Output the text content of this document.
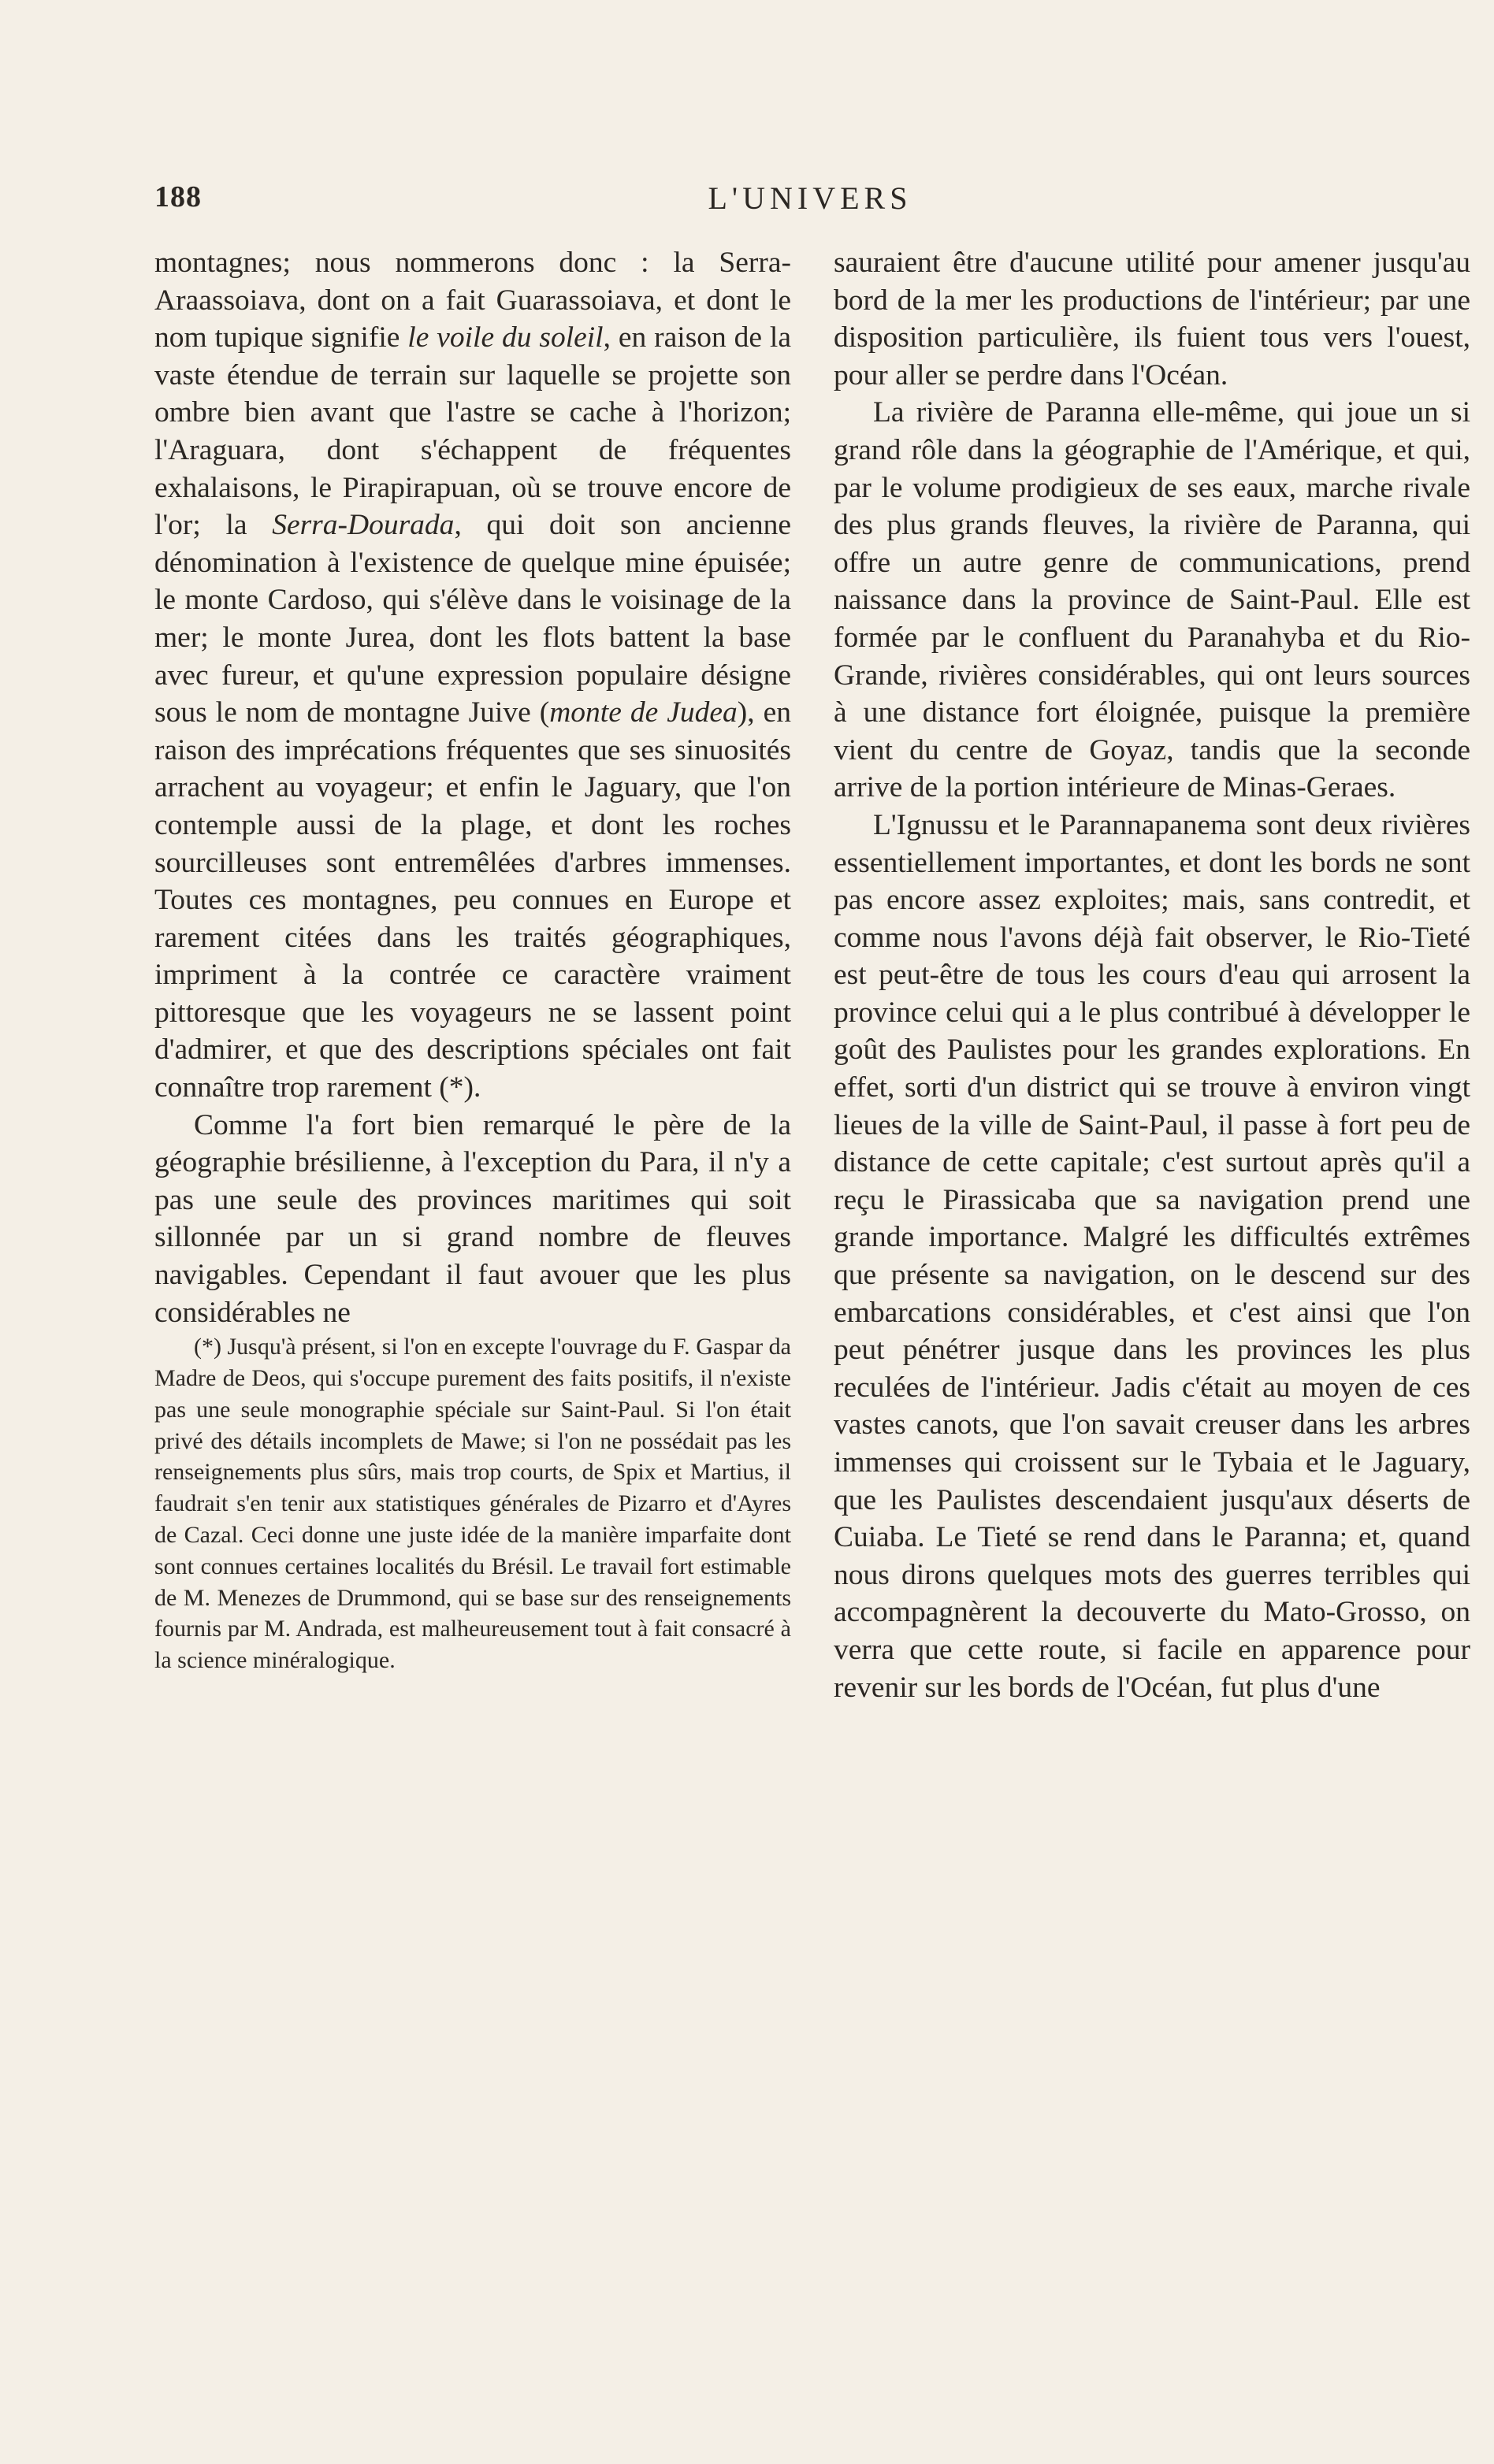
188	L'UNIVERS

montagnes; nous nommerons donc : la Serra-Araassoiava, dont on a fait Guarassoiava, et dont le nom tupique signifie le voile du soleil, en raison de la vaste étendue de terrain sur laquelle se projette son ombre bien avant que l'astre se cache à l'horizon; l'Araguara, dont s'échappent de fréquentes exhalaisons, le Pirapirapuan, où se trouve encore de l'or; la Serra-Dourada, qui doit son ancienne dénomination à l'existence de quelque mine épuisée; le monte Cardoso, qui s'élève dans le voisinage de la mer; le monte Jurea, dont les flots battent la base avec fureur, et qu'une expression populaire désigne sous le nom de montagne Juive (monte de Judea), en raison des imprécations fréquentes que ses sinuosités arrachent au voyageur; et enfin le Jaguary, que l'on contemple aussi de la plage, et dont les roches sourcilleuses sont entremêlées d'arbres immenses. Toutes ces montagnes, peu connues en Europe et rarement citées dans les traités géographiques, impriment à la contrée ce caractère vraiment pittoresque que les voyageurs ne se lassent point d'admirer, et que des descriptions spéciales ont fait connaître trop rarement (*).

Comme l'a fort bien remarqué le père de la géographie brésilienne, à l'exception du Para, il n'y a pas une seule des provinces maritimes qui soit sillonnée par un si grand nombre de fleuves navigables. Cependant il faut avouer que les plus considérables ne

(*) Jusqu'à présent, si l'on en excepte l'ouvrage du F. Gaspar da Madre de Deos, qui s'occupe purement des faits positifs, il n'existe pas une seule monographie spéciale sur Saint-Paul. Si l'on était privé des détails incomplets de Mawe; si l'on ne possédait pas les renseignements plus sûrs, mais trop courts, de Spix et Martius, il faudrait s'en tenir aux statistiques générales de Pizarro et d'Ayres de Cazal. Ceci donne une juste idée de la manière imparfaite dont sont connues certaines localités du Brésil. Le travail fort estimable de M. Menezes de Drummond, qui se base sur des renseignements fournis par M. Andrada, est malheureusement tout à fait consacré à la science minéralogique.

sauraient être d'aucune utilité pour amener jusqu'au bord de la mer les productions de l'intérieur; par une disposition particulière, ils fuient tous vers l'ouest, pour aller se perdre dans l'Océan.

La rivière de Paranna elle-même, qui joue un si grand rôle dans la géographie de l'Amérique, et qui, par le volume prodigieux de ses eaux, marche rivale des plus grands fleuves, la rivière de Paranna, qui offre un autre genre de communications, prend naissance dans la province de Saint-Paul. Elle est formée par le confluent du Paranahyba et du Rio-Grande, rivières considérables, qui ont leurs sources à une distance fort éloignée, puisque la première vient du centre de Goyaz, tandis que la seconde arrive de la portion intérieure de Minas-Geraes.

L'Ignussu et le Parannapanema sont deux rivières essentiellement importantes, et dont les bords ne sont pas encore assez exploites; mais, sans contredit, et comme nous l'avons déjà fait observer, le Rio-Tieté est peut-être de tous les cours d'eau qui arrosent la province celui qui a le plus contribué à développer le goût des Paulistes pour les grandes explorations. En effet, sorti d'un district qui se trouve à environ vingt lieues de la ville de Saint-Paul, il passe à fort peu de distance de cette capitale; c'est surtout après qu'il a reçu le Pirassicaba que sa navigation prend une grande importance. Malgré les difficultés extrêmes que présente sa navigation, on le descend sur des embarcations considérables, et c'est ainsi que l'on peut pénétrer jusque dans les provinces les plus reculées de l'intérieur. Jadis c'était au moyen de ces vastes canots, que l'on savait creuser dans les arbres immenses qui croissent sur le Tybaia et le Jaguary, que les Paulistes descendaient jusqu'aux déserts de Cuiaba. Le Tieté se rend dans le Paranna; et, quand nous dirons quelques mots des guerres terribles qui accompagnèrent la decouverte du Mato-Grosso, on verra que cette route, si facile en apparence pour revenir sur les bords de l'Océan, fut plus d'une
